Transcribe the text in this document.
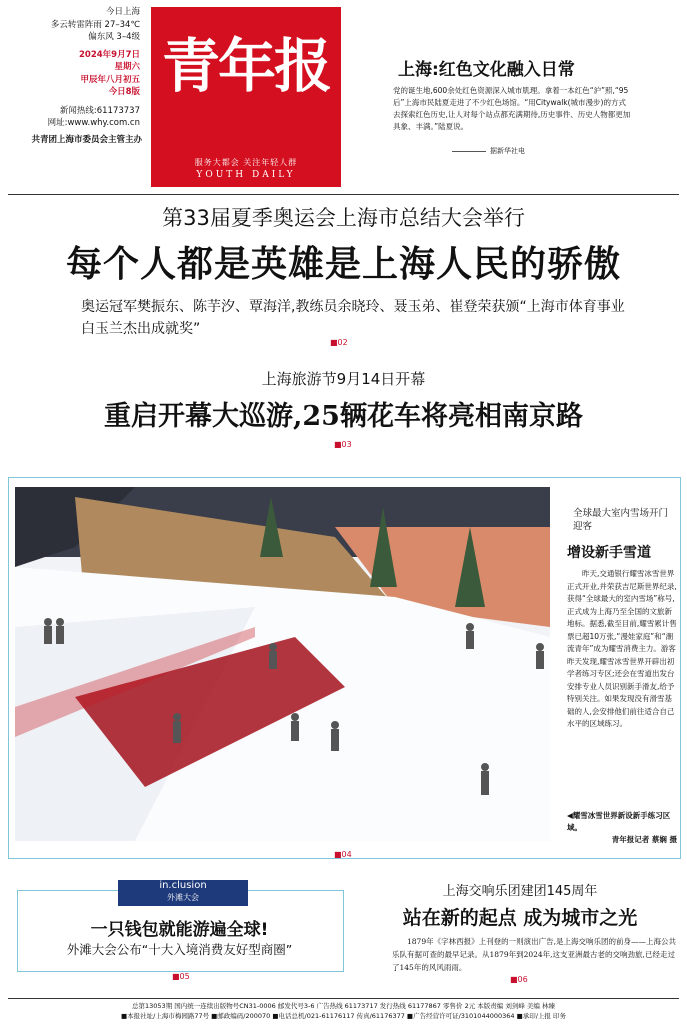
今日上海
多云转雷阵雨 27–34℃
偏东风 3–4级
2024年9月7日
星期六
甲辰年八月初五
今日8版
新闻热线:61173737
网址:www.why.com.cn
共青团上海市委员会主管主办
青年报
服务大都会 关注年轻人群
YOUTH DAILY
上海:红色文化融入日常
党的诞生地,600余处红色资源深入城市肌理。拿着一本红色“沪”照,“95后”上海市民陆夏走进了不少红色场馆。“用Citywalk(城市漫步)的方式去探索红色历史,让人对每个站点都充满期待,历史事件、历史人物都更加具象、丰满。”陆夏说。
据新华社电
第33届夏季奥运会上海市总结大会举行
每个人都是英雄是上海人民的骄傲
奥运冠军樊振东、陈芋汐、覃海洋,教练员余晓玲、聂玉弟、崔登荣获颁“上海市体育事业白玉兰杰出成就奖”
■02
上海旅游节9月14日开幕
重启开幕大巡游,25辆花车将亮相南京路
■03
全球最大室内雪场开门迎客
增设新手雪道
昨天,交通银行耀雪冰雪世界正式开业,并荣获吉尼斯世界纪录,获得“全球最大的室内雪场”称号,正式成为上海乃至全国的文旅新地标。据悉,截至目前,耀雪累计售票已超10万张,“漫娃家庭”和“潮流青年”成为耀雪消费主力。游客昨天发现,耀雪冰雪世界开辟出初学者练习专区;还会在雪道出发台安排专业人员识别新手滑友,给予特别关注。如果发现没有滑雪基础的人,会安排他们前往适合自己水平的区域练习。
◀耀雪冰雪世界新设新手练习区域。
青年报记者 蔡娴 摄
■04
in.clusion
外滩大会
一只钱包就能游遍全球!
外滩大会公布“十大入境消费友好型商圈”
■05
上海交响乐团建团145周年
站在新的起点 成为城市之光
1879年《字林西报》上刊登的一则演出广告,是上海交响乐团的前身——上海公共乐队有据可查的最早记录。从1879年到2024年,这支亚洲最古老的交响劲旅,已经走过了145年的风风雨雨。
■06
总第13053期 国内统一连续出版物号CN31-0006 邮发代号3-6 广告热线 61173717 发行热线 61177867 零售价 2元 本版责编 刘剑峰 美编 林臻
■本报社址/上海市梅园路77号 ■邮政编码/200070 ■电话总机/021-61176117 传真/61176377 ■广告经营许可证/3101044000364 ■承印/上报 印务
